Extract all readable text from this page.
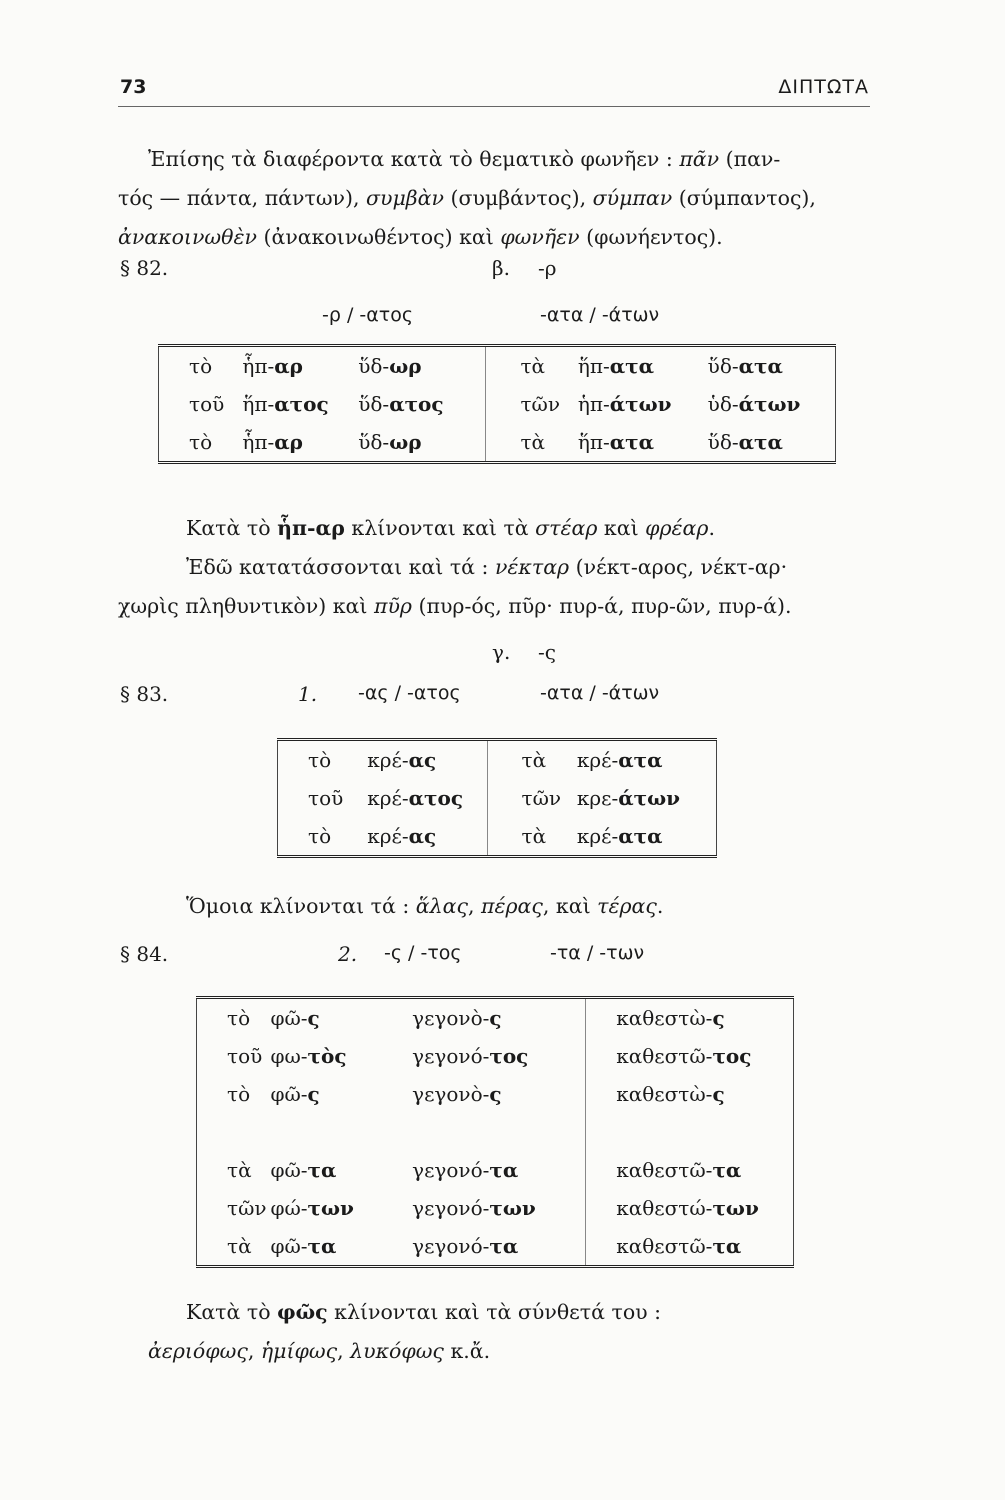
73	ΔΙΠΤΩΤΑ

Ἐπίσης τὰ διαφέροντα κατὰ τὸ θεματικὸ φωνῆεν : πᾶν (παν-

τός — πάντα, πάντων), συμβὰν (συμβάντος), σύμπαν (σύμπαντος),

ἀνακοινωθὲν (ἀνακοινωθέντος) καὶ φωνῆεν (φωνήεντος).

§ 82.	β. -ρ
-ρ / -ατος	-ατα / -άτων
τὸ	ἧπ-αρ	ὕδ-ωρ	τὰ	ἥπ-ατα	ὕδ-ατα
τοῦ	ἥπ-ατος	ὕδ-ατος	τῶν	ἡπ-άτων	ὑδ-άτων
τὸ	ἧπ-αρ	ὕδ-ωρ	τὰ	ἥπ-ατα	ὕδ-ατα

Κατὰ τὸ ἧπ-αρ κλίνονται καὶ τὰ στέαρ καὶ φρέαρ.

Ἐδῶ κατατάσσονται καὶ τά : νέκταρ (νέκτ-αρος, νέκτ-αρ·

χωρὶς πληθυντικὸν) καὶ πῦρ (πυρ-ός, πῦρ· πυρ-ά, πυρ-ῶν, πυρ-ά).

γ. -ς
§ 83.	1. -ας / -ατος	-ατα / -άτων
τὸ	κρέ-ας	τὰ	κρέ-ατα
τοῦ	κρέ-ατος	τῶν	κρε-άτων
τὸ	κρέ-ας	τὰ	κρέ-ατα

Ὅμοια κλίνονται τά : ἅλας, πέρας, καὶ τέρας.

§ 84.	2. -ς / -τος	-τα / -των
τὸ	φῶ-ς	γεγονὸ-ς	καθεστὼ-ς
τοῦ	φω-τὸς	γεγονό-τος	καθεστῶ-τος
τὸ	φῶ-ς	γεγονὸ-ς	καθεστὼ-ς

τὰ	φῶ-τα	γεγονό-τα	καθεστῶ-τα
τῶν	φώ-των	γεγονό-των	καθεστώ-των
τὰ	φῶ-τα	γεγονό-τα	καθεστῶ-τα

Κατὰ τὸ φῶς κλίνονται καὶ τὰ σύνθετά του :

ἀεριόφως, ἡμίφως, λυκόφως κ.ἄ.
